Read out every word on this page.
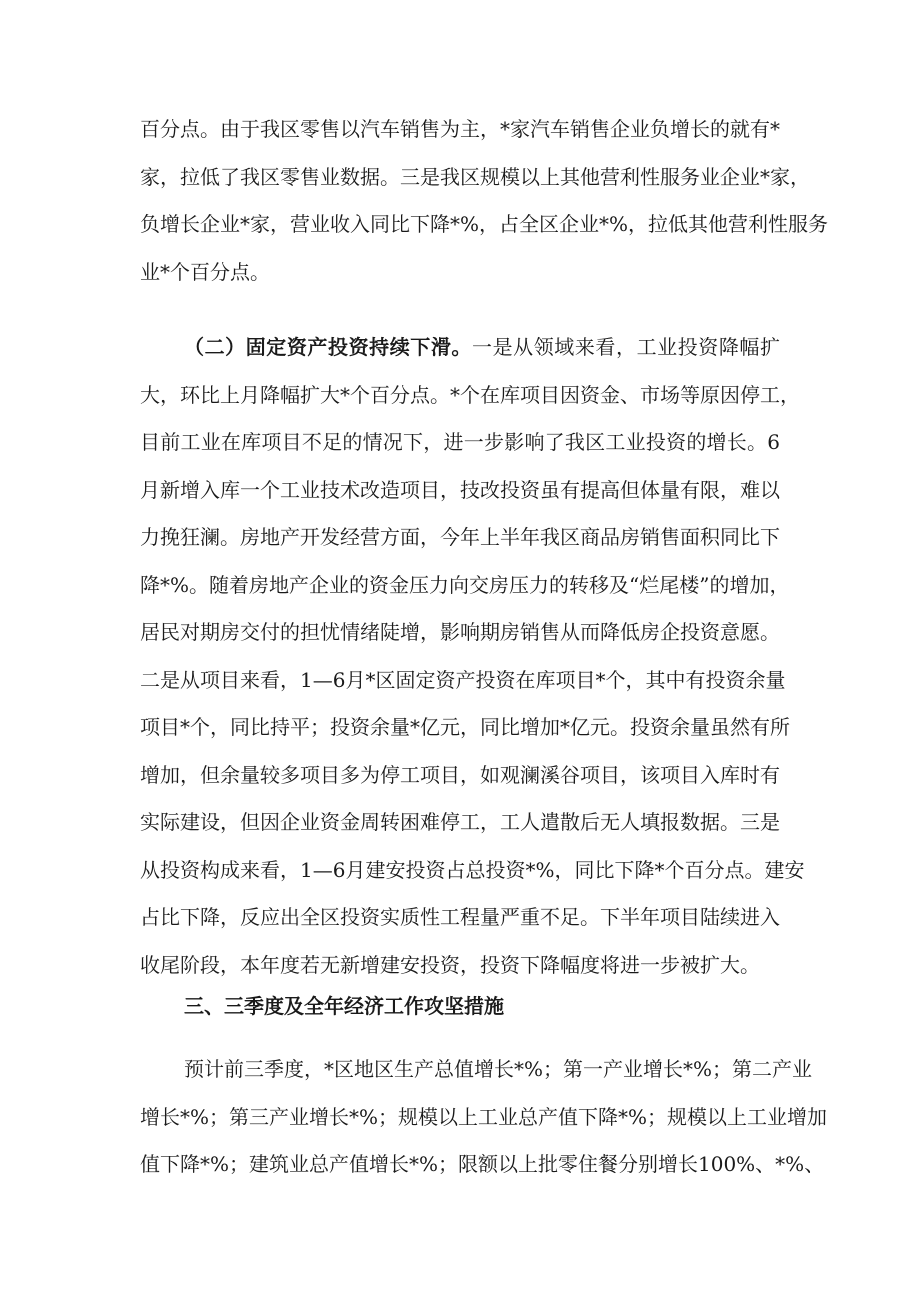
百分点。由于我区零售以汽车销售为主，*家汽车销售企业负增长的就有*
家，拉低了我区零售业数据。三是我区规模以上其他营利性服务业企业*家，
负增长企业*家，营业收入同比下降*%，占全区企业*%，拉低其他营利性服务
业*个百分点。
（二）固定资产投资持续下滑。一是从领域来看，工业投资降幅扩
大，环比上月降幅扩大*个百分点。*个在库项目因资金、市场等原因停工，
目前工业在库项目不足的情况下，进一步影响了我区工业投资的增长。6
月新增入库一个工业技术改造项目，技改投资虽有提高但体量有限，难以
力挽狂澜。房地产开发经营方面，今年上半年我区商品房销售面积同比下
降*%。随着房地产企业的资金压力向交房压力的转移及“烂尾楼”的增加，
居民对期房交付的担忧情绪陡增，影响期房销售从而降低房企投资意愿。
二是从项目来看，1—6月*区固定资产投资在库项目*个，其中有投资余量
项目*个，同比持平；投资余量*亿元，同比增加*亿元。投资余量虽然有所
增加，但余量较多项目多为停工项目，如观澜溪谷项目，该项目入库时有
实际建设，但因企业资金周转困难停工，工人遣散后无人填报数据。三是
从投资构成来看，1—6月建安投资占总投资*%，同比下降*个百分点。建安
占比下降，反应出全区投资实质性工程量严重不足。下半年项目陆续进入
收尾阶段，本年度若无新增建安投资，投资下降幅度将进一步被扩大。
三、三季度及全年经济工作攻坚措施
预计前三季度，*区地区生产总值增长*%；第一产业增长*%；第二产业
增长*%；第三产业增长*%；规模以上工业总产值下降*%；规模以上工业增加
值下降*%；建筑业总产值增长*%；限额以上批零住餐分别增长100%、*%、
